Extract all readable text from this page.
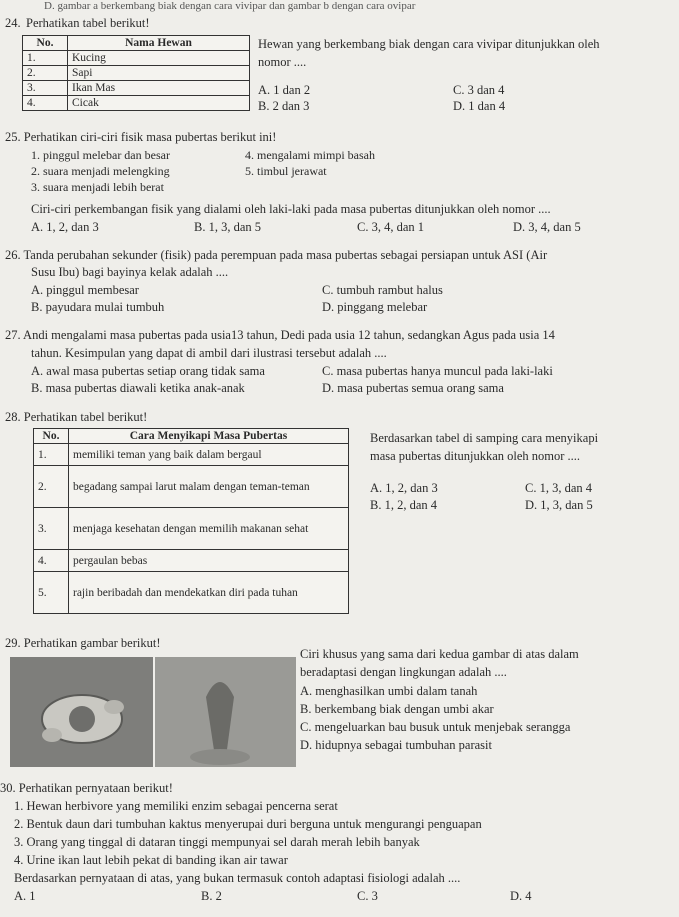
D. gambar a berkembang biak dengan cara vivipar dan gambar b dengan cara ovipar
24. Perhatikan tabel berikut!
No.	Nama Hewan
1.	Kucing
2.	Sapi
3.	Ikan Mas
4.	Cicak
Hewan yang berkembang biak dengan cara vivipar ditunjukkan oleh
nomor ....
A. 1 dan 2
B. 2 dan 3
C. 3 dan 4
D. 1 dan 4
25. Perhatikan ciri-ciri fisik masa pubertas berikut ini!
1. pinggul melebar dan besar
2. suara menjadi melengking
3. suara menjadi lebih berat
4. mengalami mimpi basah
5. timbul jerawat
Ciri-ciri perkembangan fisik yang dialami oleh laki-laki pada masa pubertas ditunjukkan oleh nomor ....
A. 1, 2, dan 3	B. 1, 3, dan 5	C. 3, 4, dan 1	D. 3, 4, dan 5
26. Tanda perubahan sekunder (fisik) pada perempuan pada masa pubertas sebagai persiapan untuk ASI (Air
Susu Ibu) bagi bayinya kelak adalah ....
A. pinggul membesar
B. payudara mulai tumbuh
C. tumbuh rambut halus
D. pinggang melebar
27. Andi mengalami masa pubertas pada usia13 tahun, Dedi pada usia 12 tahun, sedangkan Agus pada usia 14
tahun. Kesimpulan yang dapat di ambil dari ilustrasi tersebut adalah ....
A. awal masa pubertas setiap orang tidak sama
B. masa pubertas diawali ketika anak-anak
C. masa pubertas hanya muncul pada laki-laki
D. masa pubertas semua orang sama
28. Perhatikan tabel berikut!
No.	Cara Menyikapi Masa Pubertas
1.	memiliki teman yang baik dalam bergaul
2.	begadang sampai larut malam dengan teman-teman
3.	menjaga kesehatan dengan memilih makanan sehat
4.	pergaulan bebas
5.	rajin beribadah dan mendekatkan diri pada tuhan
Berdasarkan tabel di samping cara menyikapi
masa pubertas ditunjukkan oleh nomor ....
A. 1, 2, dan 3
B. 1, 2, dan 4
C. 1, 3, dan 4
D. 1, 3, dan 5
29. Perhatikan gambar berikut!
Ciri khusus yang sama dari kedua gambar di atas dalam
beradaptasi dengan lingkungan adalah ....
A. menghasilkan umbi dalam tanah
B. berkembang biak dengan umbi akar
C. mengeluarkan bau busuk untuk menjebak serangga
D. hidupnya sebagai tumbuhan parasit
30. Perhatikan pernyataan berikut!
1. Hewan herbivore yang memiliki enzim sebagai pencerna serat
2. Bentuk daun dari tumbuhan kaktus menyerupai duri berguna untuk mengurangi penguapan
3. Orang yang tinggal di dataran tinggi mempunyai sel darah merah lebih banyak
4. Urine ikan laut lebih pekat di banding ikan air tawar
Berdasarkan pernyataan di atas, yang bukan termasuk contoh adaptasi fisiologi adalah ....
A. 1	B. 2	C. 3	D. 4
